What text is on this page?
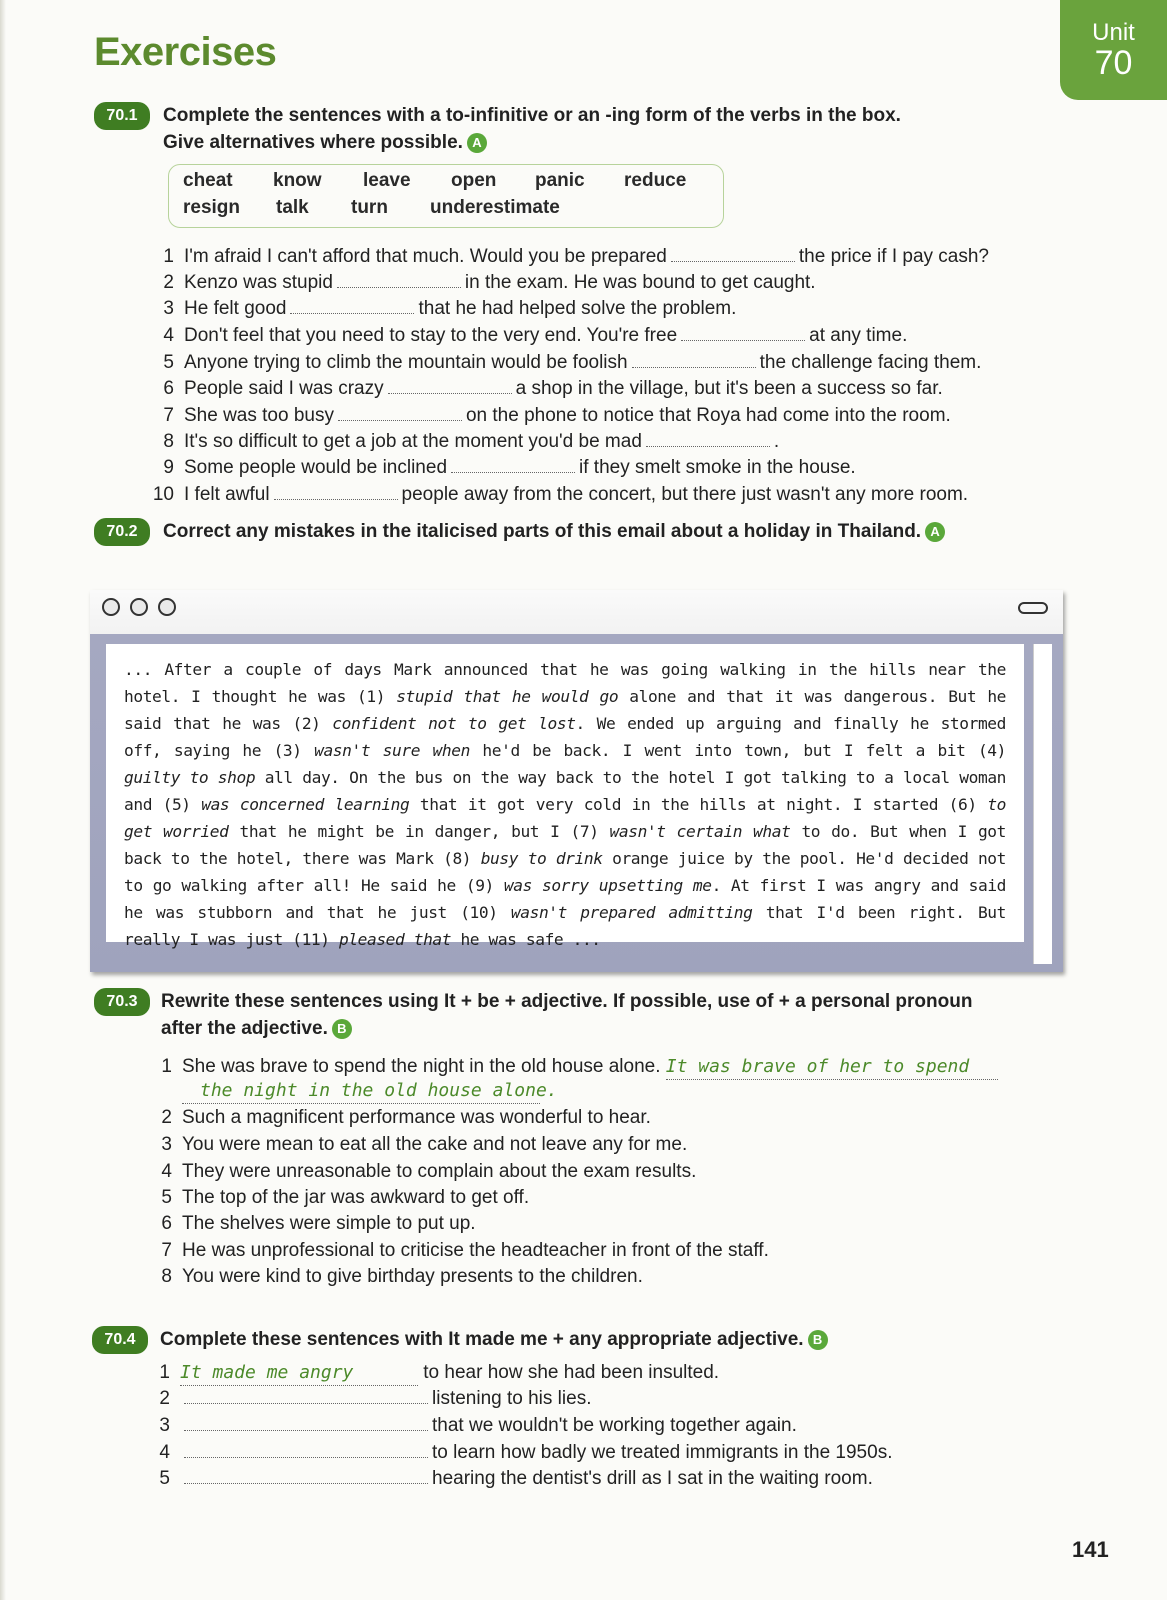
Exercises	Unit
70
70.1	Complete the sentences with a to-infinitive or an -ing form of the verbs in the box.
Give alternatives where possible. A
cheat know leave open panic reduce
resign talk turn underestimate
1 I'm afraid I can't afford that much. Would you be prepared	the price if I pay cash?
2 Kenzo was stupid	in the exam. He was bound to get caught.
3 He felt good	that he had helped solve the problem.
4 Don't feel that you need to stay to the very end. You're free	at any time.
5 Anyone trying to climb the mountain would be foolish	the challenge facing them.
6 People said I was crazy	a shop in the village, but it's been a success so far.
7 She was too busy	on the phone to notice that Roya had come into the room.
8 It's so difficult to get a job at the moment you'd be mad	.
9 Some people would be inclined	if they smelt smoke in the house.
10 I felt awful	people away from the concert, but there just wasn't any more room.
70.2	Correct any mistakes in the italicised parts of this email about a holiday in Thailand. A
... After a couple of days Mark announced that he was going walking in the hills near the hotel. I thought he was (1) stupid that he would go alone and that it was dangerous. But he said that he was (2) confident not to get lost. We ended up arguing and finally he stormed off, saying he (3) wasn't sure when he'd be back. I went into town, but I felt a bit (4) guilty to shop all day. On the bus on the way back to the hotel I got talking to a local woman and (5) was concerned learning that it got very cold in the hills at night. I started (6) to get worried that he might be in danger, but I (7) wasn't certain what to do. But when I got back to the hotel, there was Mark (8) busy to drink orange juice by the pool. He'd decided not to go walking after all! He said he (9) was sorry upsetting me. At first I was angry and said he was stubborn and that he just (10) wasn't prepared admitting that I'd been right. But really I was just (11) pleased that he was safe ...
70.3	Rewrite these sentences using It + be + adjective. If possible, use of + a personal pronoun
after the adjective. B
1 She was brave to spend the night in the old house alone. It was brave of her to spend
the night in the old house alone.
2 Such a magnificent performance was wonderful to hear.
3 You were mean to eat all the cake and not leave any for me.
4 They were unreasonable to complain about the exam results.
5 The top of the jar was awkward to get off.
6 The shelves were simple to put up.
7 He was unprofessional to criticise the headteacher in front of the staff.
8 You were kind to give birthday presents to the children.
70.4	Complete these sentences with It made me + any appropriate adjective. B
1 It made me angry	to hear how she had been insulted.
2	listening to his lies.
3	that we wouldn't be working together again.
4	to learn how badly we treated immigrants in the 1950s.
5	hearing the dentist's drill as I sat in the waiting room.
141
